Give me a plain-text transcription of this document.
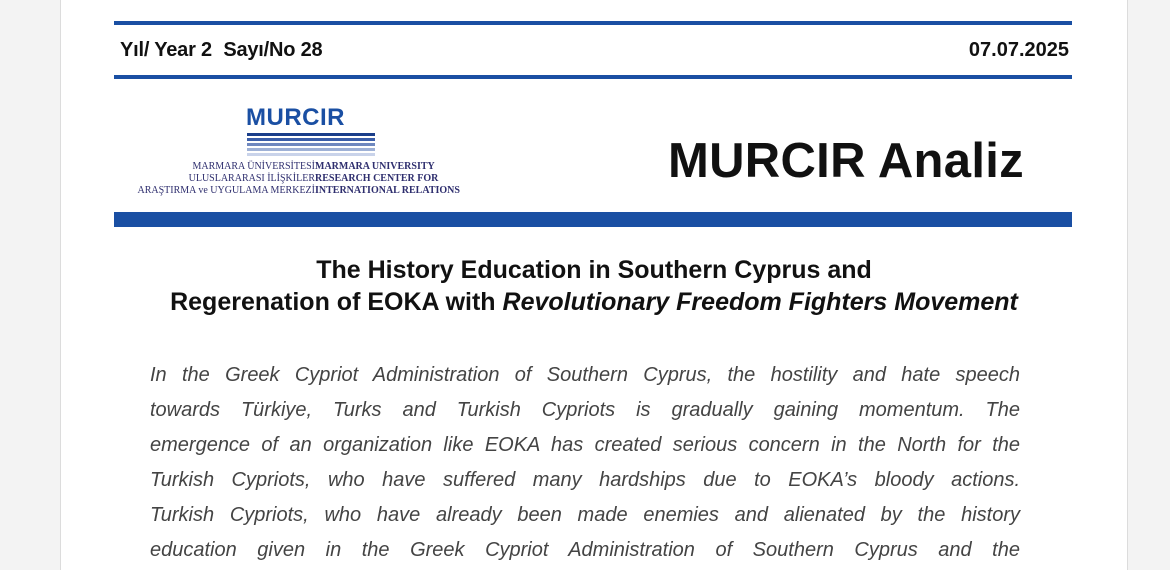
Yıl/ Year 2 Sayı/No 28	07.07.2025
MURCIR
MARMARA ÜNİVERSİTESİ
ULUSLARARASI İLİŞKİLER
ARAŞTIRMA ve UYGULAMA MERKEZİ
MARMARA UNIVERSITY
RESEARCH CENTER FOR
INTERNATIONAL RELATIONS
MURCIR Analiz
The History Education in Southern Cyprus and
Regerenation of EOKA with Revolutionary Freedom Fighters Movement
In the Greek Cypriot Administration of Southern Cyprus, the hostility and hate speech
towards Türkiye, Turks and Turkish Cypriots is gradually gaining momentum. The
emergence of an organization like EOKA has created serious concern in the North for the
Turkish Cypriots, who have suffered many hardships due to EOKA’s bloody actions.
Turkish Cypriots, who have already been made enemies and alienated by the history
education given in the Greek Cypriot Administration of Southern Cyprus and the
